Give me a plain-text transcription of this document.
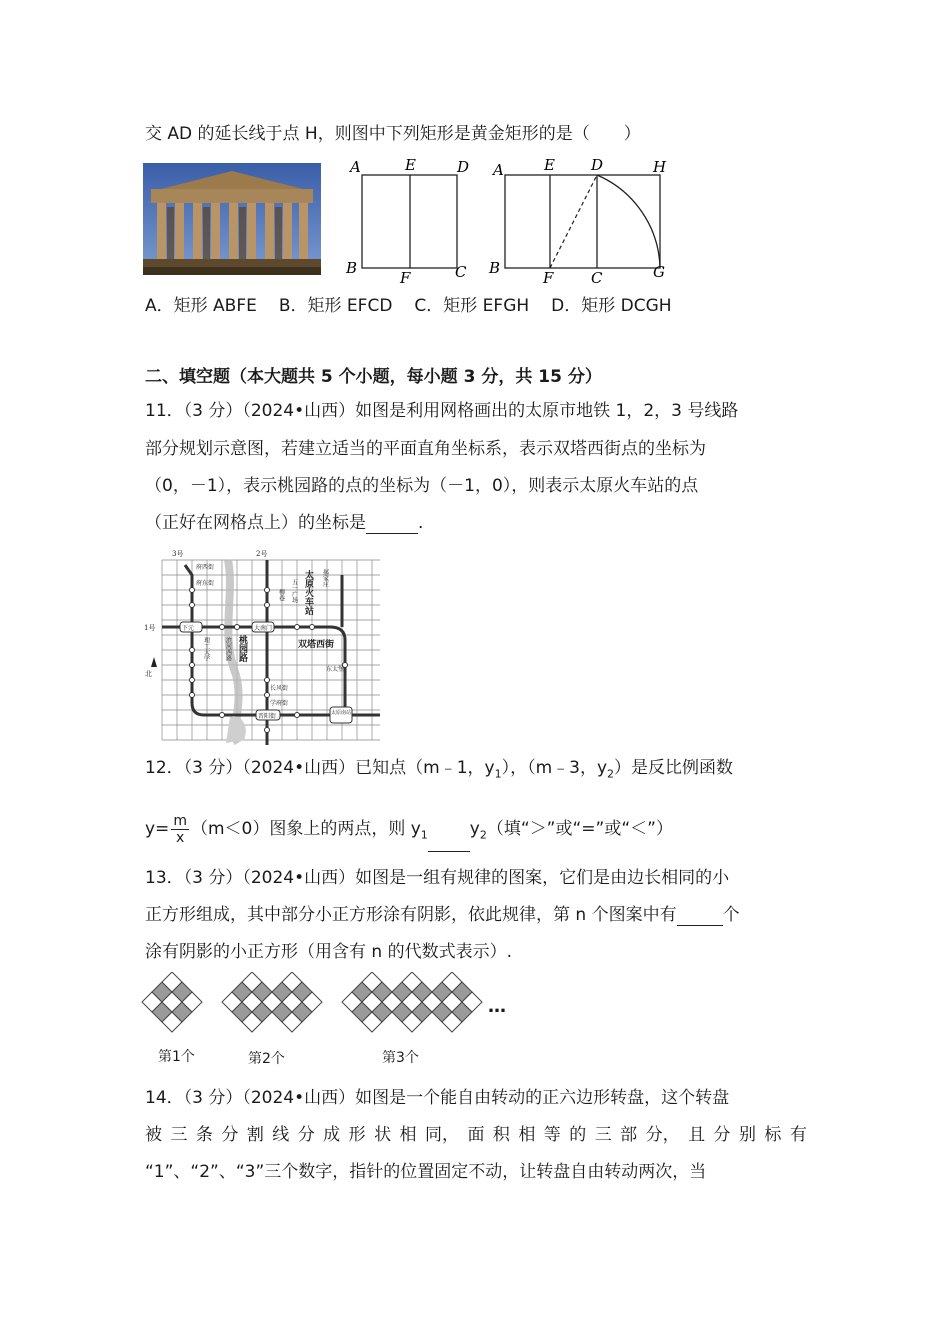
交 AD 的延长线于点 H，则图中下列矩形是黄金矩形的是（　　）
A	E	D
B
F	C
A	E D	H
B
F	C	G
A．矩形 ABFE B．矩形 EFCD C．矩形 EFGH D．矩形 DCGH
二、填空题（本大题共 5 个小题，每小题 3 分，共 15 分）
11．（3 分）（2024•山西）如图是利用网格画出的太原市地铁 1，2，3 号线路
部分规划示意图，若建立适当的平面直角坐标系，表示双塔西街点的坐标为
（0，－1），表示桃园路的点的坐标为（－1，0），则表示太原火车站的点
（正好在网格点上）的坐标是	.
3号	2号
1号
北
府西街
府东街
下元	大南门
东太堡
长风街
学府街
晋阳街	太原南站
双塔西街
太原火车站
桃园路
郝家庄
五一广场
柳巷
理工大学	滨河西路
12．（3 分）（2024•山西）已知点（m﹣1，$y_1$），（m﹣3，$y_2$）是反比例函数
$y= \frac{m}{x} (m<0)$图象上的两点，则 $y_1$ $y_2$（填“＞”或“=”或“＜”）
13．（3 分）（2024•山西）如图是一组有规律的图案，它们是由边长相同的小
正方形组成，其中部分小正方形涂有阴影，依此规律，第 n 个图案中有	个
涂有阴影的小正方形（用含有 n 的代数式表示）.
第1个	第2个	第3个
…
14．（3 分）（2024•山西）如图是一个能自由转动的正六边形转盘，这个转盘
被 三 条 分 割 线 分 成 形 状 相 同， 面 积 相 等 的 三 部 分， 且 分 别 标 有
“1”、“2”、“3”三个数字，指针的位置固定不动，让转盘自由转动两次，当
